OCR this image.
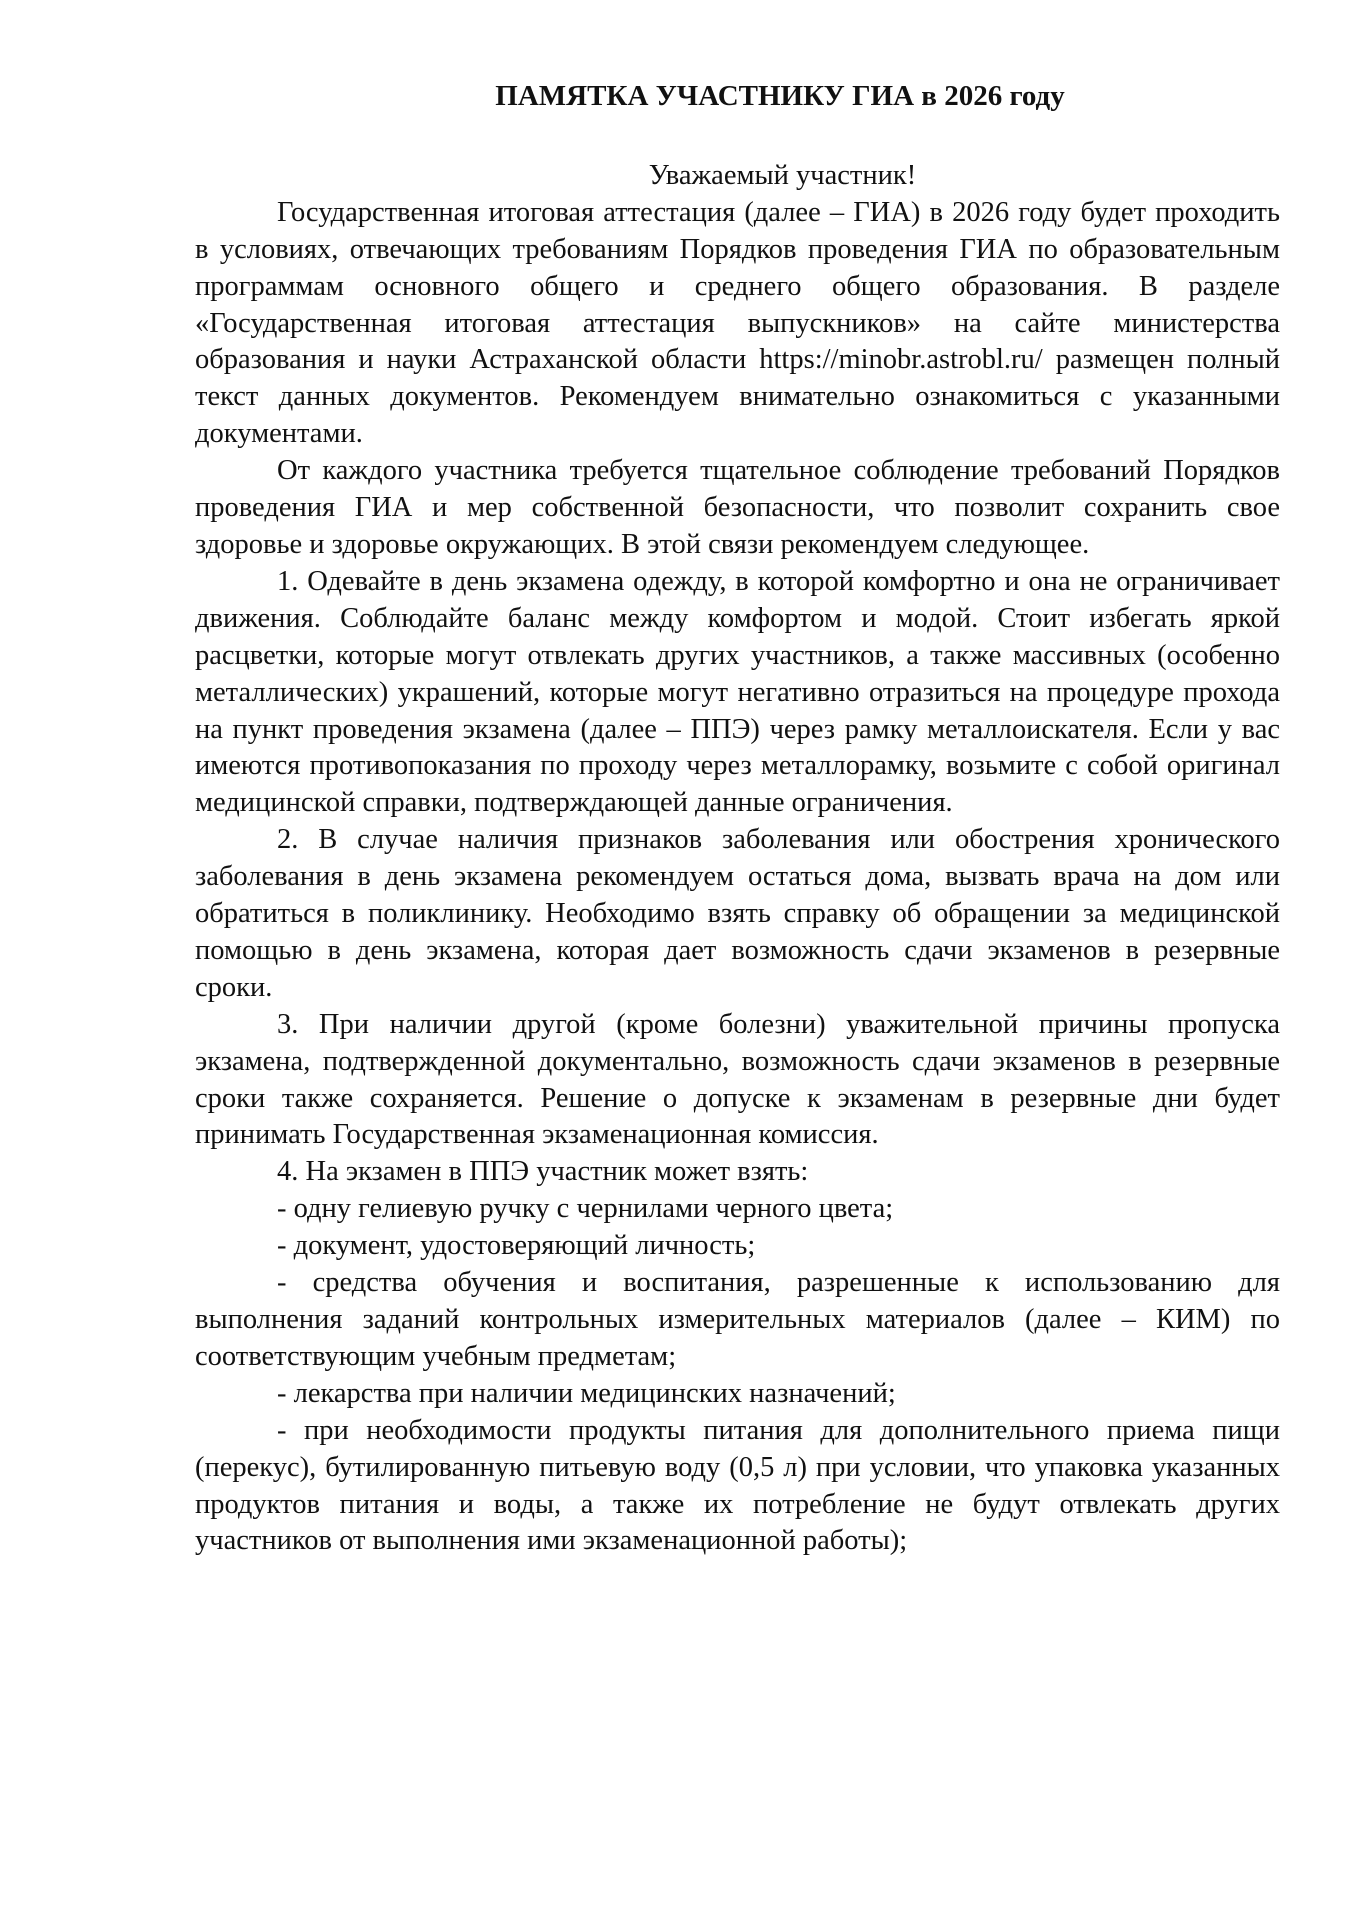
ПАМЯТКА УЧАСТНИКУ ГИА в 2026 году

Уважаемый участник!

Государственная итоговая аттестация (далее – ГИА) в 2026 году будет проходить в условиях, отвечающих требованиям Порядков проведения ГИА по образовательным программам основного общего и среднего общего образования. В разделе «Государственная итоговая аттестация выпускников» на сайте министерства образования и науки Астраханской области https://minobr.astrobl.ru/ размещен полный текст данных документов. Рекомендуем внимательно ознакомиться с указанными документами.

От каждого участника требуется тщательное соблюдение требований Порядков проведения ГИА и мер собственной безопасности, что позволит сохранить свое здоровье и здоровье окружающих. В этой связи рекомендуем следующее.

1. Одевайте в день экзамена одежду, в которой комфортно и она не ограничивает движения. Соблюдайте баланс между комфортом и модой. Стоит избегать яркой расцветки, которые могут отвлекать других участников, а также массивных (особенно металлических) украшений, которые могут негативно отразиться на процедуре прохода на пункт проведения экзамена (далее – ППЭ) через рамку металлоискателя. Если у вас имеются противопоказания по проходу через металлорамку, возьмите с собой оригинал медицинской справки, подтверждающей данные ограничения.

2. В случае наличия признаков заболевания или обострения хронического заболевания в день экзамена рекомендуем остаться дома, вызвать врача на дом или обратиться в поликлинику. Необходимо взять справку об обращении за медицинской помощью в день экзамена, которая дает возможность сдачи экзаменов в резервные сроки.

3. При наличии другой (кроме болезни) уважительной причины пропуска экзамена, подтвержденной документально, возможность сдачи экзаменов в резервные сроки также сохраняется. Решение о допуске к экзаменам в резервные дни будет принимать Государственная экзаменационная комиссия.

4. На экзамен в ППЭ участник может взять:

- одну гелиевую ручку с чернилами черного цвета;

- документ, удостоверяющий личность;

- средства обучения и воспитания, разрешенные к использованию для выполнения заданий контрольных измерительных материалов (далее – КИМ) по соответствующим учебным предметам;

- лекарства при наличии медицинских назначений;

- при необходимости продукты питания для дополнительного приема пищи (перекус), бутилированную питьевую воду (0,5 л) при условии, что упаковка указанных продуктов питания и воды, а также их потребление не будут отвлекать других участников от выполнения ими экзаменационной работы);
